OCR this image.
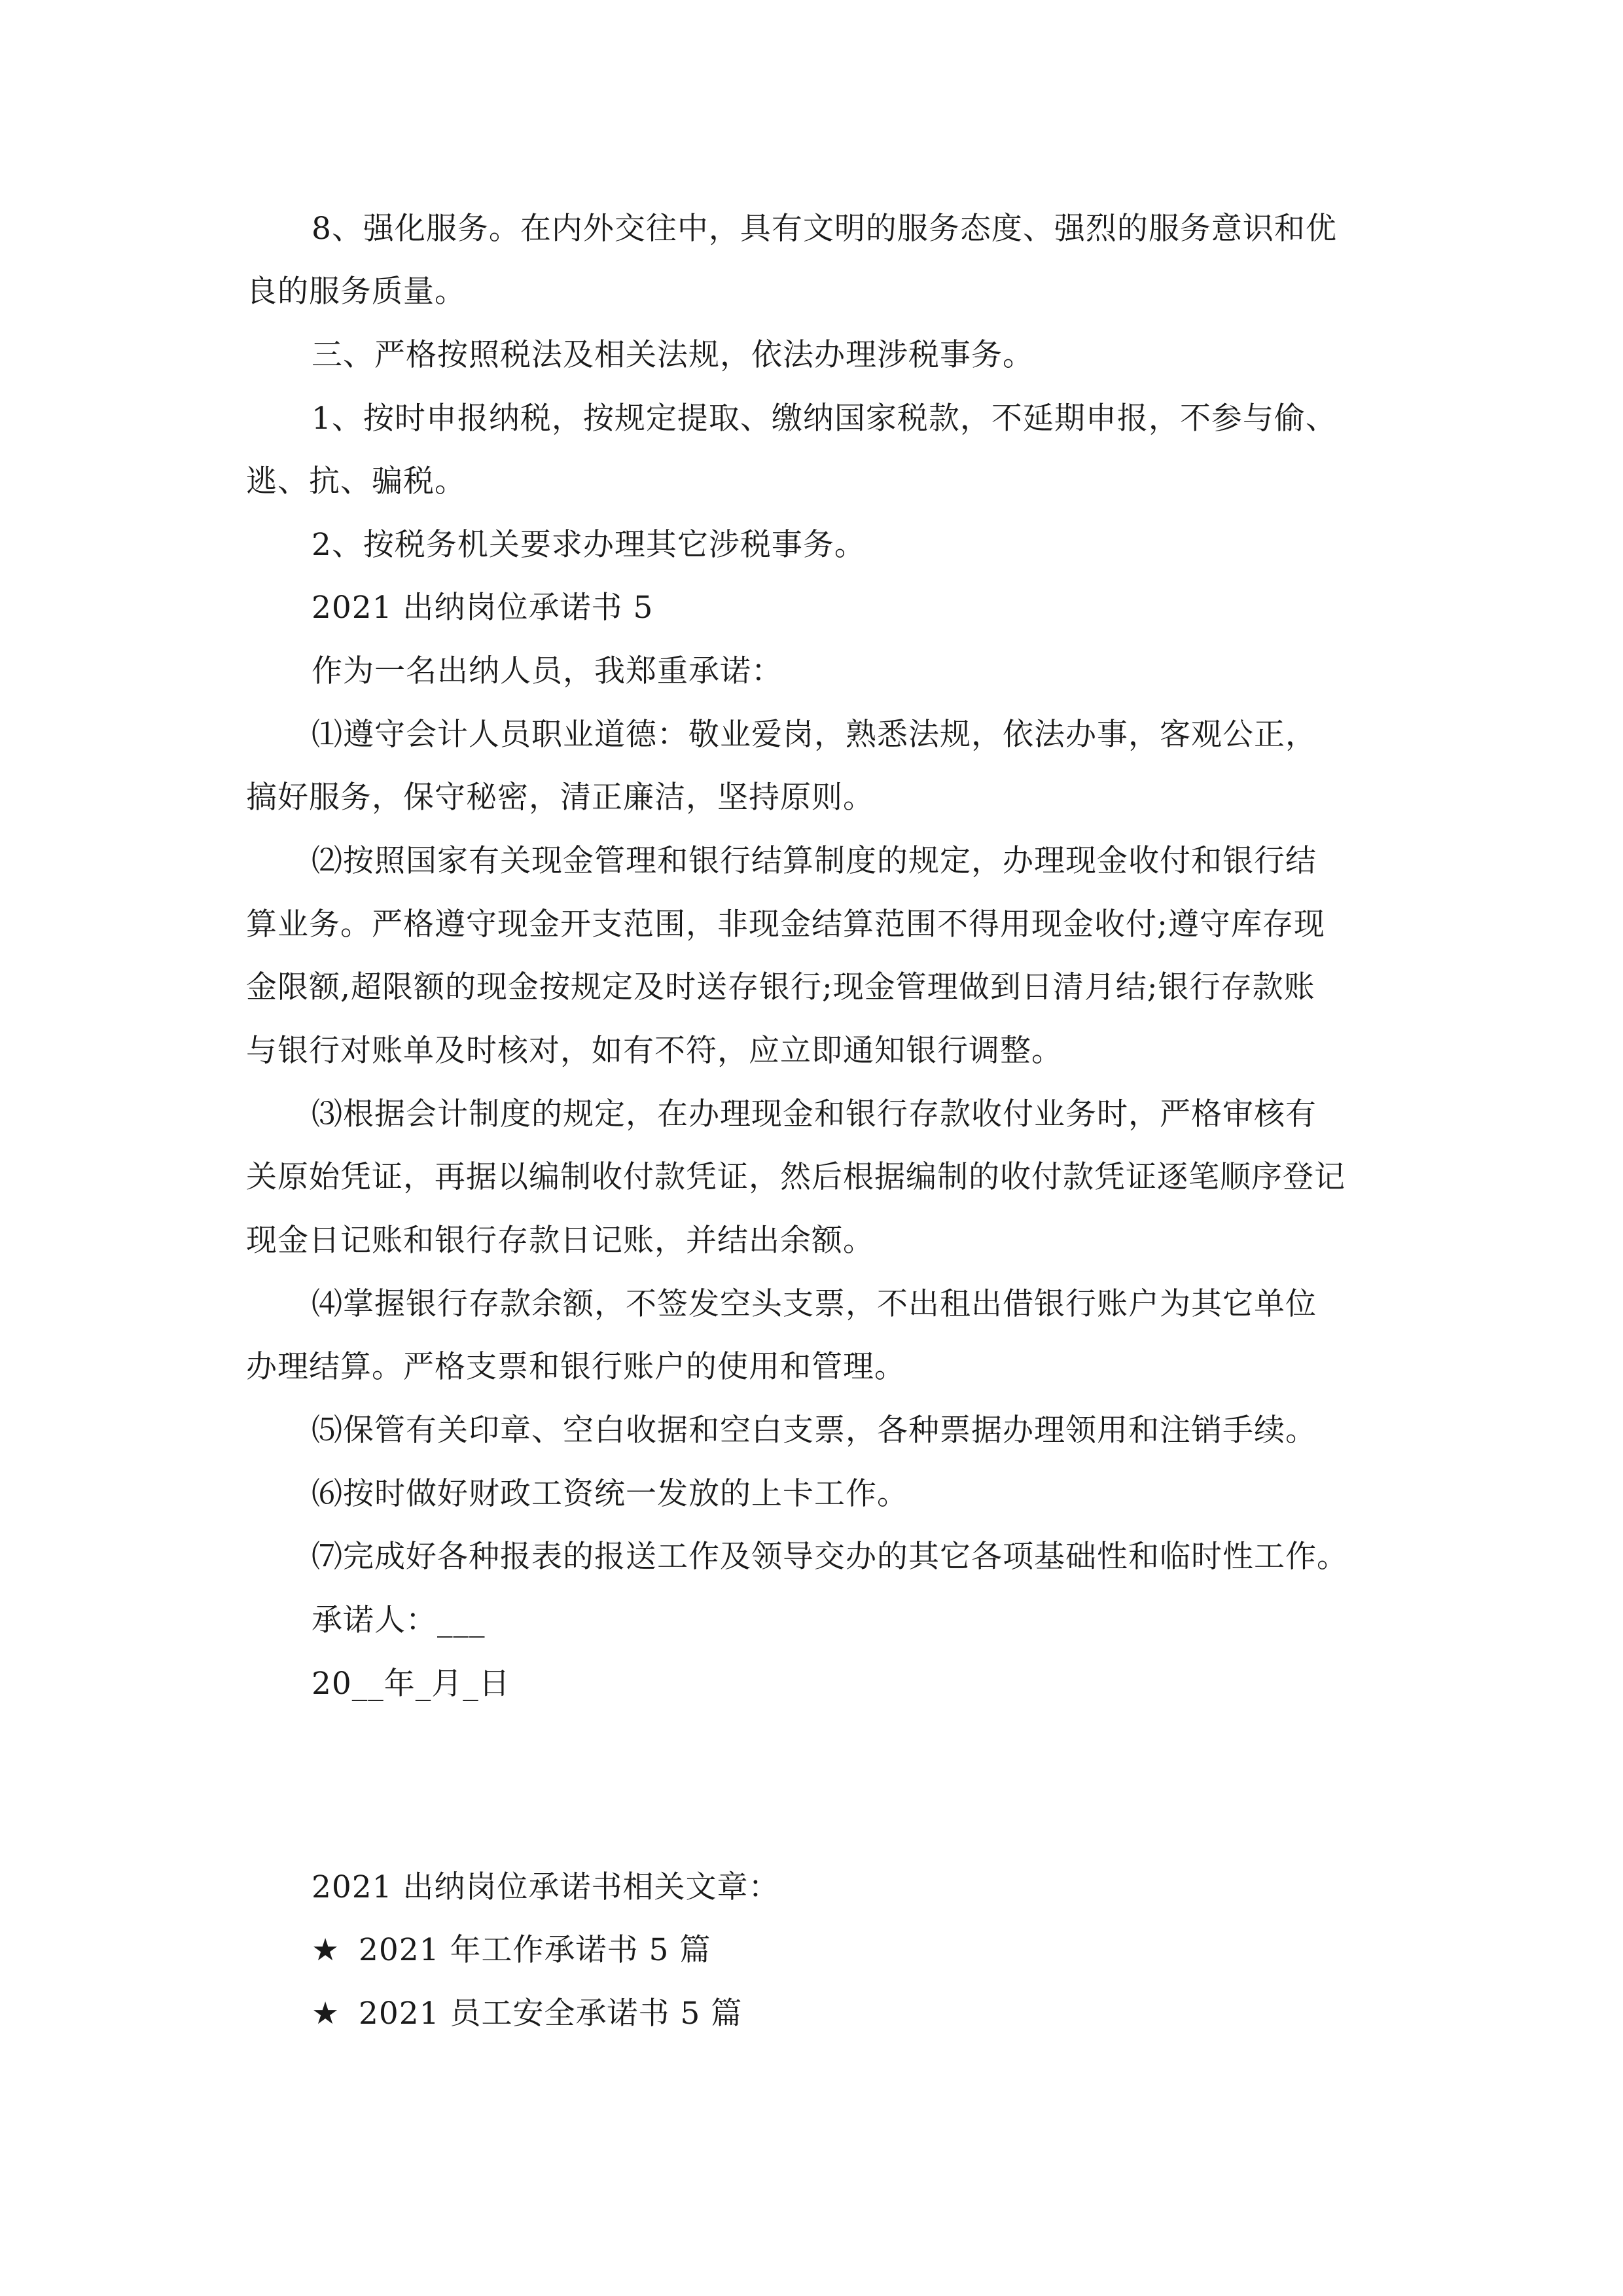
8、强化服务。在内外交往中，具有文明的服务态度、强烈的服务意识和优
良的服务质量。
三、严格按照税法及相关法规，依法办理涉税事务。
1、按时申报纳税，按规定提取、缴纳国家税款，不延期申报，不参与偷、
逃、抗、骗税。
2、按税务机关要求办理其它涉税事务。
2021 出纳岗位承诺书 5
作为一名出纳人员，我郑重承诺：
⑴遵守会计人员职业道德：敬业爱岗，熟悉法规，依法办事，客观公正，
搞好服务，保守秘密，清正廉洁，坚持原则。
⑵按照国家有关现金管理和银行结算制度的规定，办理现金收付和银行结
算业务。严格遵守现金开支范围，非现金结算范围不得用现金收付;遵守库存现
金限额,超限额的现金按规定及时送存银行;现金管理做到日清月结;银行存款账
与银行对账单及时核对，如有不符，应立即通知银行调整。
⑶根据会计制度的规定，在办理现金和银行存款收付业务时，严格审核有
关原始凭证，再据以编制收付款凭证，然后根据编制的收付款凭证逐笔顺序登记
现金日记账和银行存款日记账，并结出余额。
⑷掌握银行存款余额，不签发空头支票，不出租出借银行账户为其它单位
办理结算。严格支票和银行账户的使用和管理。
⑸保管有关印章、空白收据和空白支票，各种票据办理领用和注销手续。
⑹按时做好财政工资统一发放的上卡工作。
⑺完成好各种报表的报送工作及领导交办的其它各项基础性和临时性工作。
承诺人：___
20__年_月_日
2021 出纳岗位承诺书相关文章：
★ 2021 年工作承诺书 5 篇
★ 2021 员工安全承诺书 5 篇
